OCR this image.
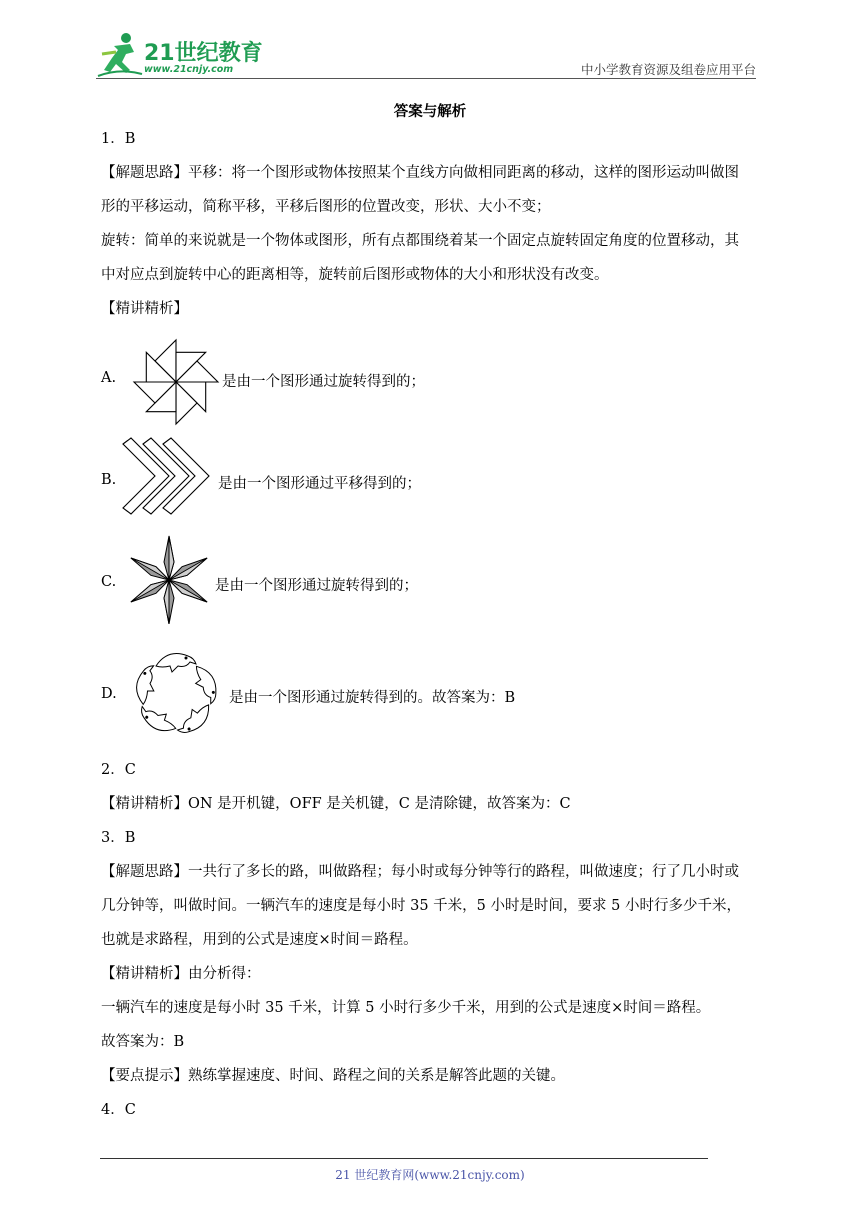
21世纪教育
www.21cnjy.com	中小学教育资源及组卷应用平台
答案与解析
1．B
【解题思路】平移：将一个图形或物体按照某个直线方向做相同距离的移动，这样的图形运动叫做图
形的平移运动，简称平移，平移后图形的位置改变，形状、大小不变；
旋转：简单的来说就是一个物体或图形，所有点都围绕着某一个固定点旋转固定角度的位置移动，其
中对应点到旋转中心的距离相等，旋转前后图形或物体的大小和形状没有改变。
【精讲精析】
A.	是由一个图形通过旋转得到的；
B.	是由一个图形通过平移得到的；
C.	是由一个图形通过旋转得到的；
D.	是由一个图形通过旋转得到的。故答案为：B
2．C
【精讲精析】ON 是开机键，OFF 是关机键，C 是清除键，故答案为：C
3．B
【解题思路】一共行了多长的路，叫做路程；每小时或每分钟等行的路程，叫做速度；行了几小时或
几分钟等，叫做时间。一辆汽车的速度是每小时 35 千米，5 小时是时间，要求 5 小时行多少千米，
也就是求路程，用到的公式是速度×时间＝路程。
【精讲精析】由分析得：
一辆汽车的速度是每小时 35 千米，计算 5 小时行多少千米，用到的公式是速度×时间＝路程。
故答案为：B
【要点提示】熟练掌握速度、时间、路程之间的关系是解答此题的关键。
4．C
21 世纪教育网(www.21cnjy.com)
